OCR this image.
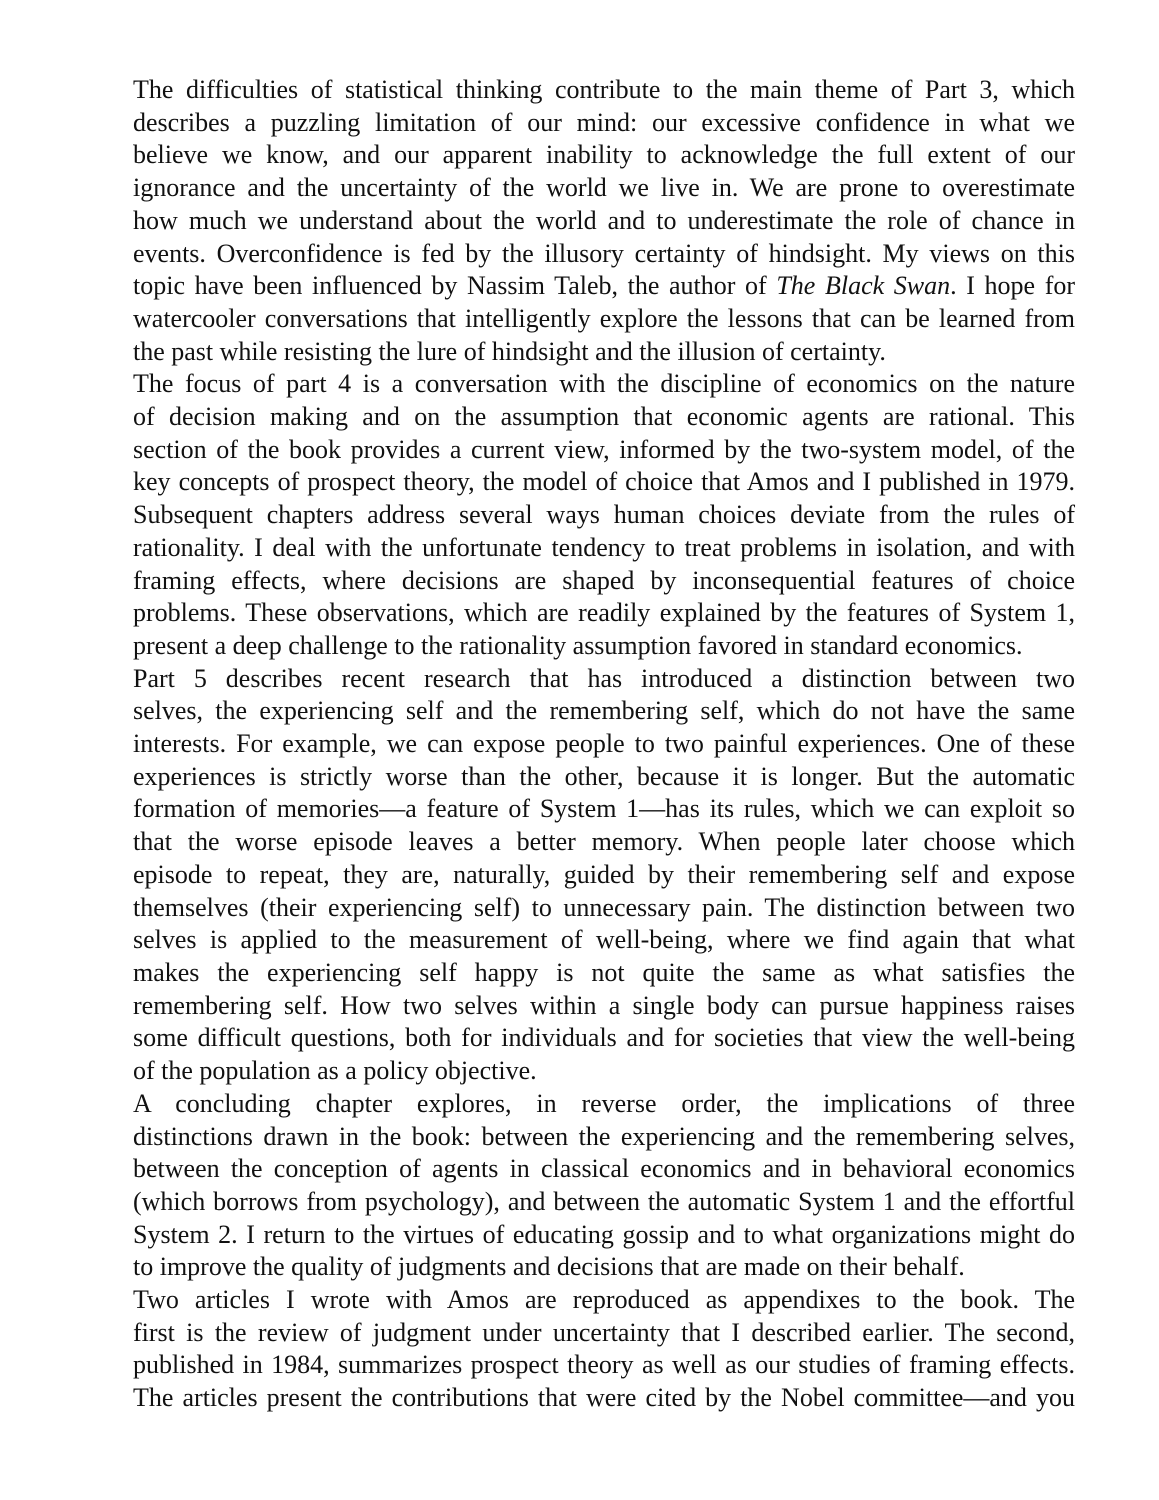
The difficulties of statistical thinking contribute to the main theme of Part 3, which
describes a puzzling limitation of our mind: our excessive confidence in what we
believe we know, and our apparent inability to acknowledge the full extent of our
ignorance and the uncertainty of the world we live in. We are prone to overestimate
how much we understand about the world and to underestimate the role of chance in
events. Overconfidence is fed by the illusory certainty of hindsight. My views on this
topic have been influenced by Nassim Taleb, the author of The Black Swan. I hope for
watercooler conversations that intelligently explore the lessons that can be learned from
the past while resisting the lure of hindsight and the illusion of certainty.
The focus of part 4 is a conversation with the discipline of economics on the nature
of decision making and on the assumption that economic agents are rational. This
section of the book provides a current view, informed by the two-system model, of the
key concepts of prospect theory, the model of choice that Amos and I published in 1979.
Subsequent chapters address several ways human choices deviate from the rules of
rationality. I deal with the unfortunate tendency to treat problems in isolation, and with
framing effects, where decisions are shaped by inconsequential features of choice
problems. These observations, which are readily explained by the features of System 1,
present a deep challenge to the rationality assumption favored in standard economics.
Part 5 describes recent research that has introduced a distinction between two
selves, the experiencing self and the remembering self, which do not have the same
interests. For example, we can expose people to two painful experiences. One of these
experiences is strictly worse than the other, because it is longer. But the automatic
formation of memories—a feature of System 1—has its rules, which we can exploit so
that the worse episode leaves a better memory. When people later choose which
episode to repeat, they are, naturally, guided by their remembering self and expose
themselves (their experiencing self) to unnecessary pain. The distinction between two
selves is applied to the measurement of well-being, where we find again that what
makes the experiencing self happy is not quite the same as what satisfies the
remembering self. How two selves within a single body can pursue happiness raises
some difficult questions, both for individuals and for societies that view the well-being
of the population as a policy objective.
A concluding chapter explores, in reverse order, the implications of three
distinctions drawn in the book: between the experiencing and the remembering selves,
between the conception of agents in classical economics and in behavioral economics
(which borrows from psychology), and between the automatic System 1 and the effortful
System 2. I return to the virtues of educating gossip and to what organizations might do
to improve the quality of judgments and decisions that are made on their behalf.
Two articles I wrote with Amos are reproduced as appendixes to the book. The
first is the review of judgment under uncertainty that I described earlier. The second,
published in 1984, summarizes prospect theory as well as our studies of framing effects.
The articles present the contributions that were cited by the Nobel committee—and you
